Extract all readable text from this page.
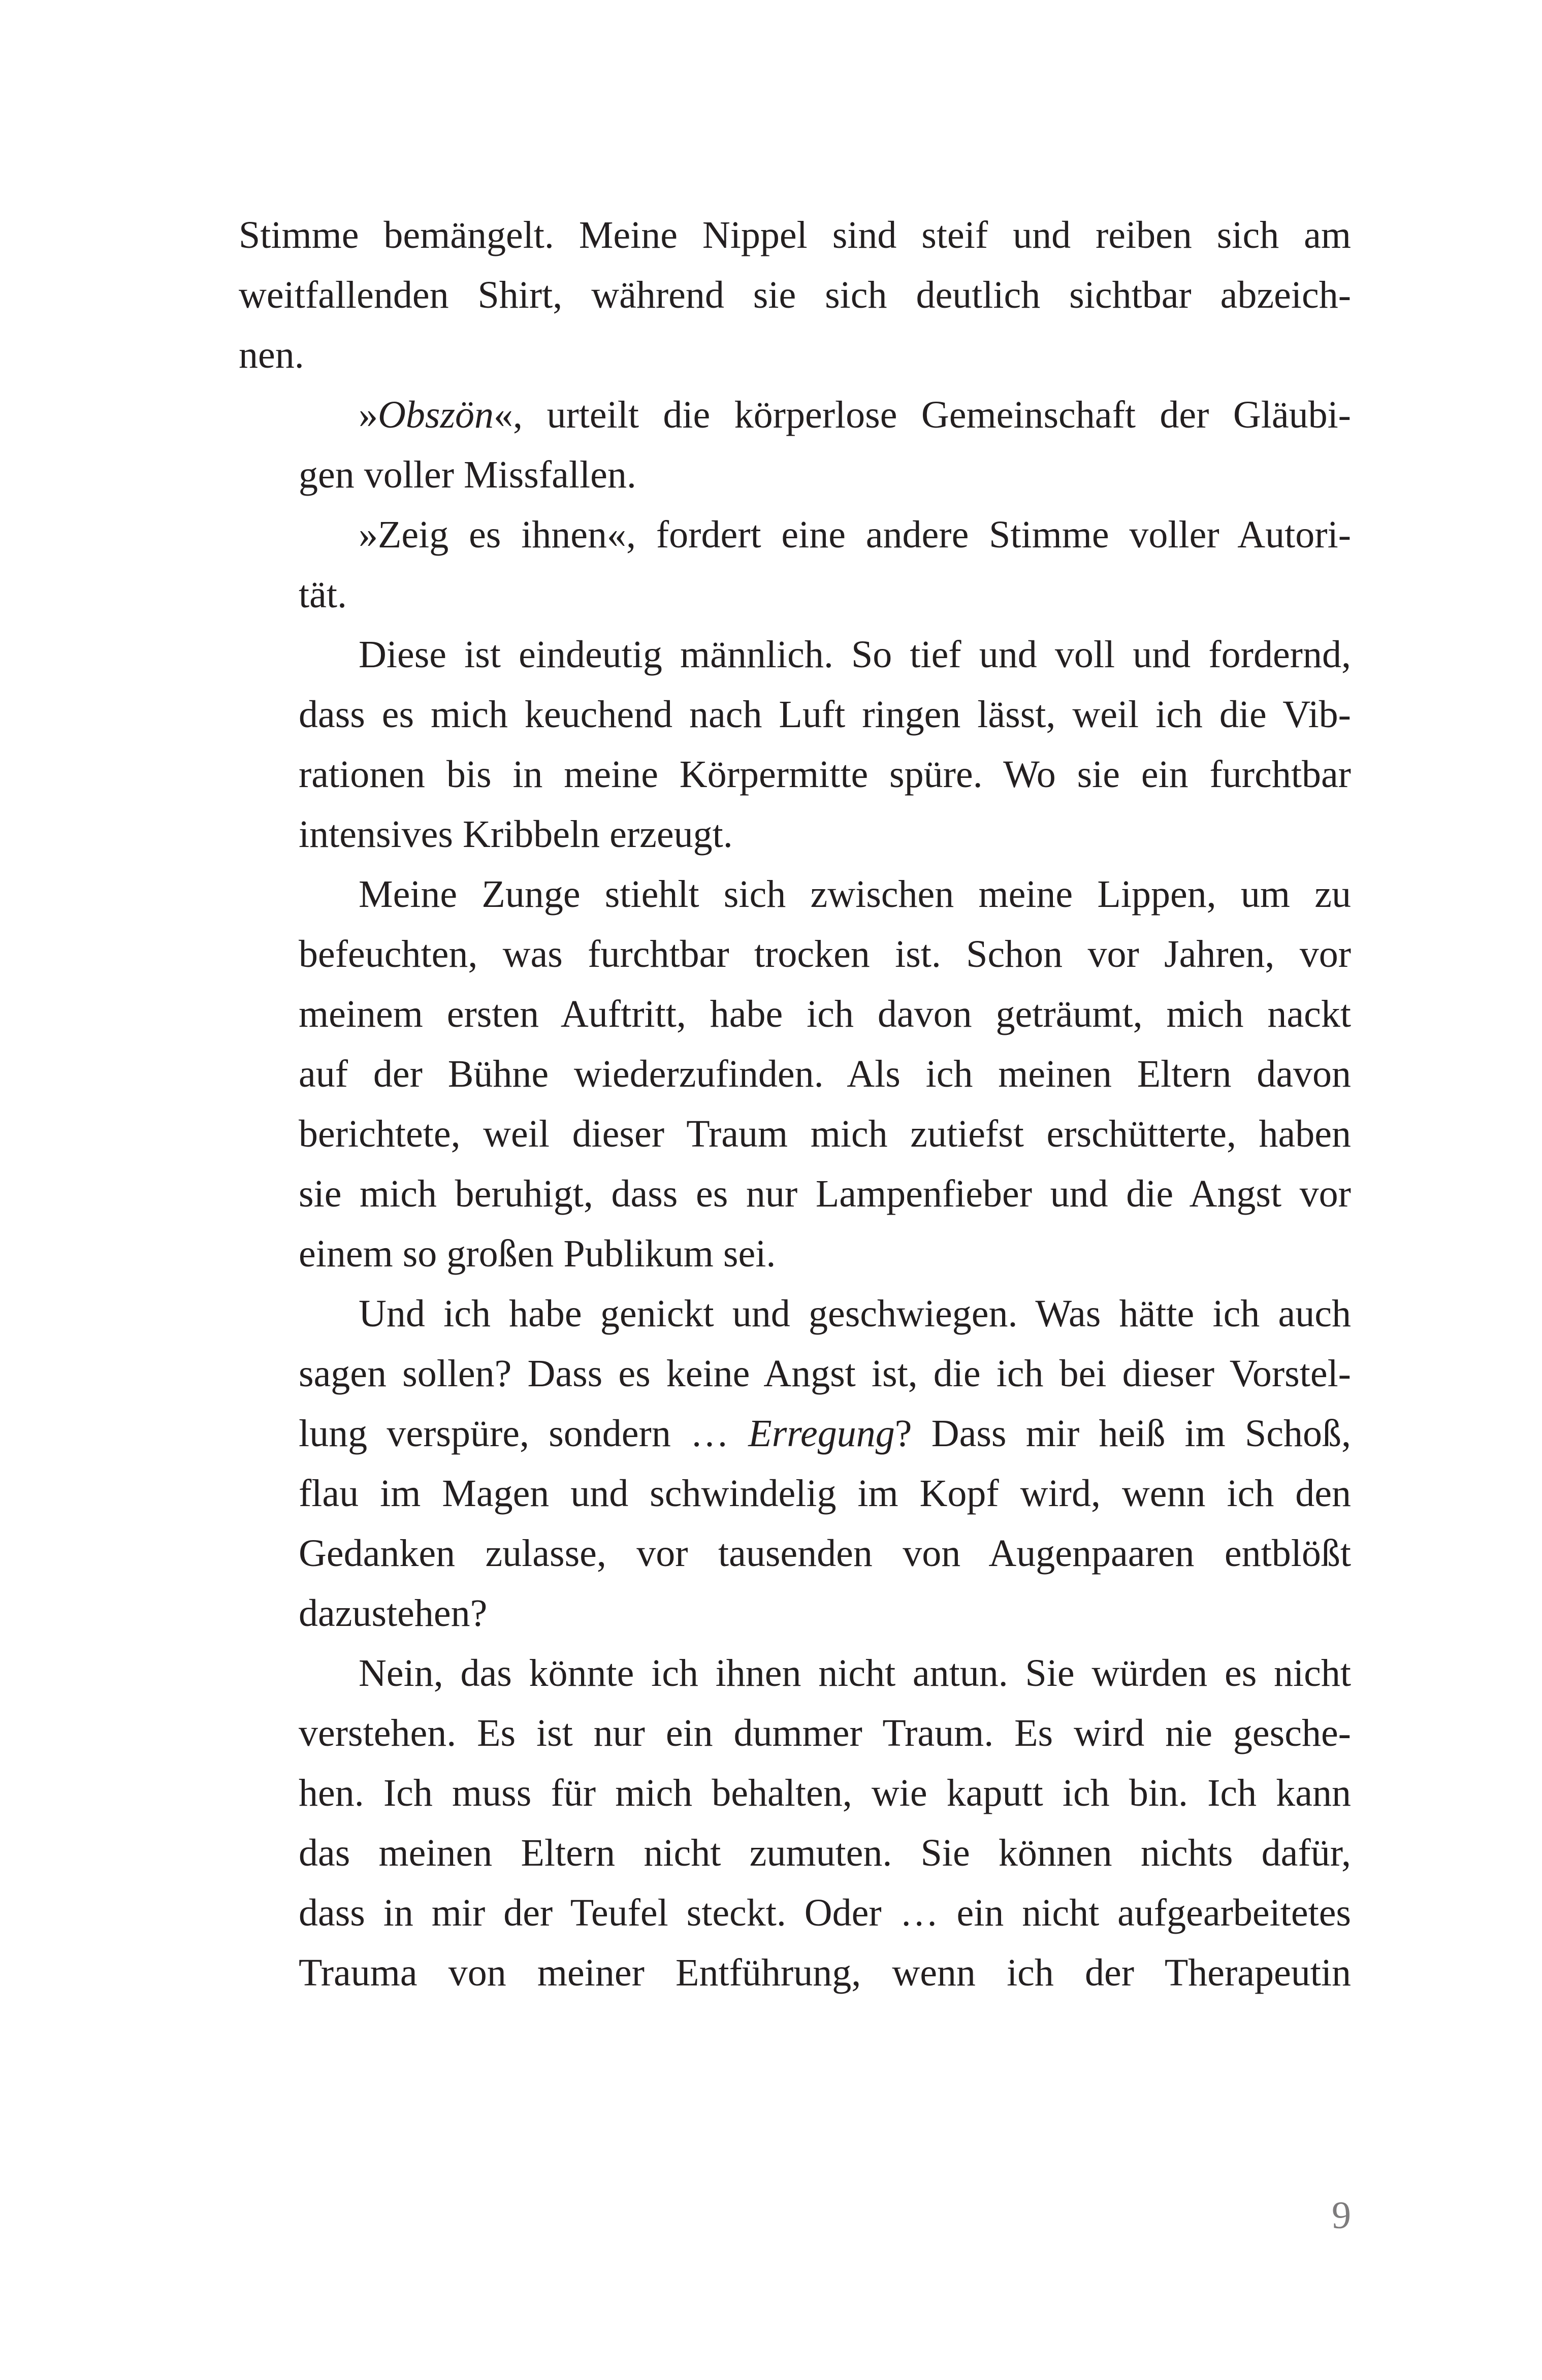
Stimme bemängelt. Meine Nippel sind steif und reiben sich am
weitfallenden Shirt, während sie sich deutlich sichtbar abzeich-
nen.
»Obszön«, urteilt die körperlose Gemeinschaft der Gläubi-
gen voller Missfallen.
»Zeig es ihnen«, fordert eine andere Stimme voller Autori-
tät.
Diese ist eindeutig männlich. So tief und voll und fordernd,
dass es mich keuchend nach Luft ringen lässt, weil ich die Vib-
rationen bis in meine Körpermitte spüre. Wo sie ein furchtbar
intensives Kribbeln erzeugt.
Meine Zunge stiehlt sich zwischen meine Lippen, um zu
befeuchten, was furchtbar trocken ist. Schon vor Jahren, vor
meinem ersten Auftritt, habe ich davon geträumt, mich nackt
auf der Bühne wiederzufinden. Als ich meinen Eltern davon
berichtete, weil dieser Traum mich zutiefst erschütterte, haben
sie mich beruhigt, dass es nur Lampenfieber und die Angst vor
einem so großen Publikum sei.
Und ich habe genickt und geschwiegen. Was hätte ich auch
sagen sollen? Dass es keine Angst ist, die ich bei dieser Vorstel-
lung verspüre, sondern … Erregung? Dass mir heiß im Schoß,
flau im Magen und schwindelig im Kopf wird, wenn ich den
Gedanken zulasse, vor tausenden von Augenpaaren entblößt
dazustehen?
Nein, das könnte ich ihnen nicht antun. Sie würden es nicht
verstehen. Es ist nur ein dummer Traum. Es wird nie gesche-
hen. Ich muss für mich behalten, wie kaputt ich bin. Ich kann
das meinen Eltern nicht zumuten. Sie können nichts dafür,
dass in mir der Teufel steckt. Oder … ein nicht aufgearbeitetes
Trauma von meiner Entführung, wenn ich der Therapeutin
9
